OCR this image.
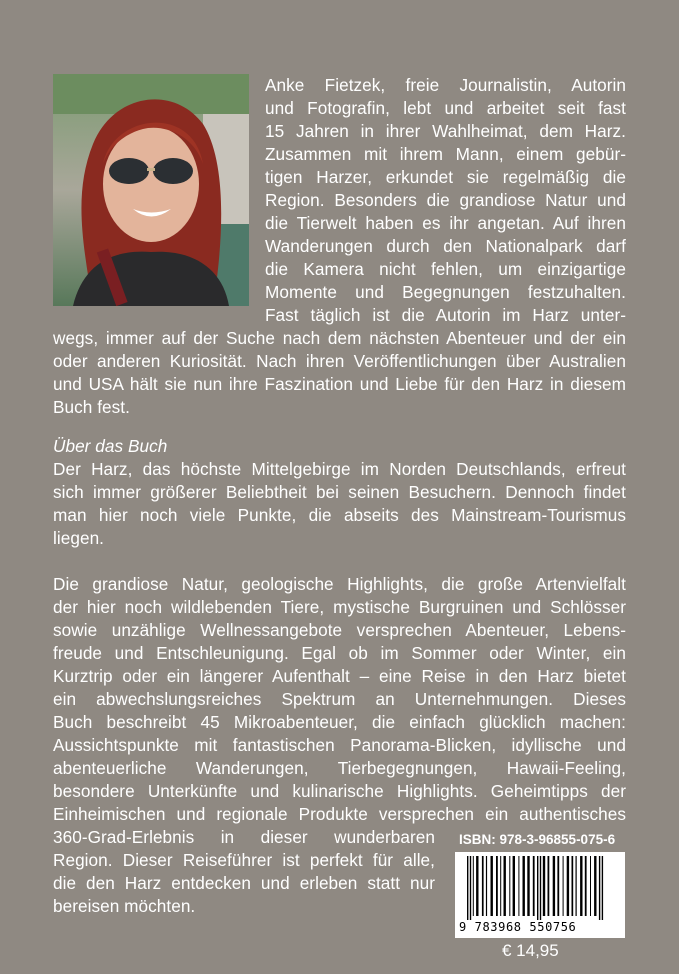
Anke Fietzek, freie Journalistin, Autorin
und Fotografin, lebt und arbeitet seit fast
15 Jahren in ihrer Wahlheimat, dem Harz.
Zusammen mit ihrem Mann, einem gebür-
tigen Harzer, erkundet sie regelmäßig die
Region. Besonders die grandiose Natur und
die Tierwelt haben es ihr angetan. Auf ihren
Wanderungen durch den Nationalpark darf
die Kamera nicht fehlen, um einzigartige
Momente und Begegnungen festzuhalten.
Fast täglich ist die Autorin im Harz unter-
wegs, immer auf der Suche nach dem nächsten Abenteuer und der ein
oder anderen Kuriosität. Nach ihren Veröffentlichungen über Australien
und USA hält sie nun ihre Faszination und Liebe für den Harz in diesem
Buch fest.
Über das Buch
Der Harz, das höchste Mittelgebirge im Norden Deutschlands, erfreut
sich immer größerer Beliebtheit bei seinen Besuchern. Dennoch findet
man hier noch viele Punkte, die abseits des Mainstream-Tourismus
liegen.
Die grandiose Natur, geologische Highlights, die große Artenvielfalt
der hier noch wildlebenden Tiere, mystische Burgruinen und Schlösser
sowie unzählige Wellnessangebote versprechen Abenteuer, Lebens-
freude und Entschleunigung. Egal ob im Sommer oder Winter, ein
Kurztrip oder ein längerer Aufenthalt – eine Reise in den Harz bietet
ein abwechslungsreiches Spektrum an Unternehmungen. Dieses
Buch beschreibt 45 Mikroabenteuer, die einfach glücklich machen:
Aussichtspunkte mit fantastischen Panorama-Blicken, idyllische und
abenteuerliche Wanderungen, Tierbegegnungen, Hawaii-Feeling,
besondere Unterkünfte und kulinarische Highlights. Geheimtipps der
Einheimischen und regionale Produkte versprechen ein authentisches
360-Grad-Erlebnis in dieser wunderbaren
Region. Dieser Reiseführer ist perfekt für alle,
die den Harz entdecken und erleben statt nur
bereisen möchten.
ISBN: 978-3-96855-075-6
9 783968 550756
€ 14,95
